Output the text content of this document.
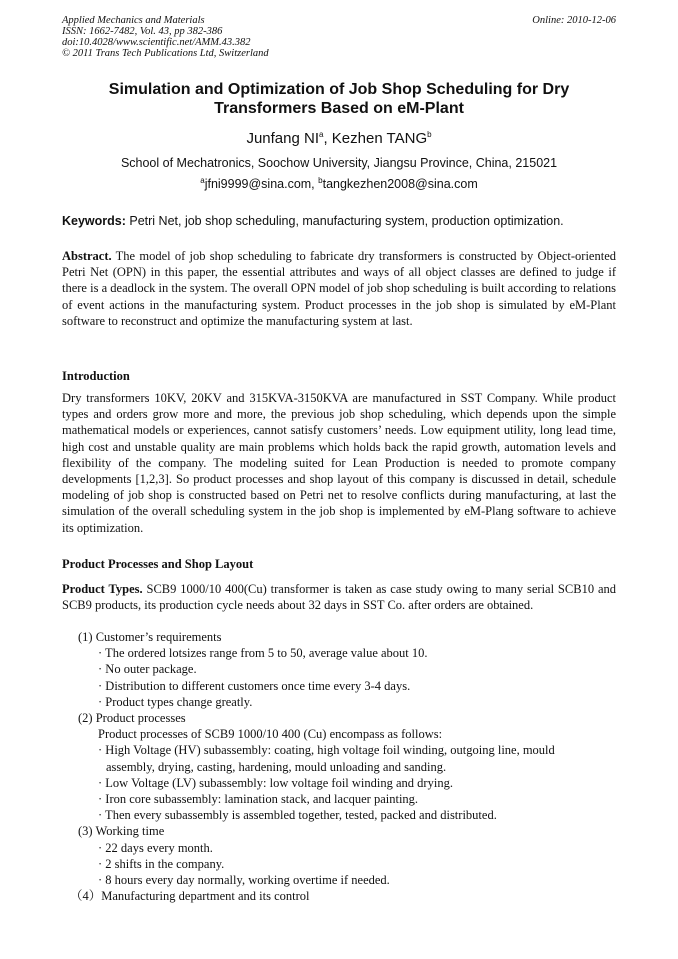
Applied Mechanics and Materials
ISSN: 1662-7482, Vol. 43, pp 382-386
doi:10.4028/www.scientific.net/AMM.43.382
© 2011 Trans Tech Publications Ltd, Switzerland
Online: 2010-12-06
Simulation and Optimization of Job Shop Scheduling for Dry
Transformers Based on eM-Plant
Junfang $NI^a$, Kezhen TANG$^b$
School of Mechatronics, Soochow University, Jiangsu Province, China, 215021
$^a$jfni9999@sina.com, $^b$tangkezhen2008@sina.com
Keywords: Petri Net, job shop scheduling, manufacturing system, production optimization.
Abstract. The model of job shop scheduling to fabricate dry transformers is constructed by Object-oriented Petri Net (OPN) in this paper, the essential attributes and ways of all object classes are defined to judge if there is a deadlock in the system. The overall OPN model of job shop scheduling is built according to relations of event actions in the manufacturing system. Product processes in the job shop is simulated by eM-Plant software to reconstruct and optimize the manufacturing system at last.
Introduction
Dry transformers 10KV, 20KV and 315KVA-3150KVA are manufactured in SST Company. While product types and orders grow more and more, the previous job shop scheduling, which depends upon the simple mathematical models or experiences, cannot satisfy customers’ needs. Low equipment utility, long lead time, high cost and unstable quality are main problems which holds back the rapid growth, automation levels and flexibility of the company. The modeling suited for Lean Production is needed to promote company developments [1,2,3]. So product processes and shop layout of this company is discussed in detail, schedule modeling of job shop is constructed based on Petri net to resolve conflicts during manufacturing, at last the simulation of the overall scheduling system in the job shop is implemented by eM-Plang software to achieve its optimization.
Product Processes and Shop Layout
Product Types. SCB9 1000/10 400(Cu) transformer is taken as case study owing to many serial SCB10 and SCB9 products, its production cycle needs about 32 days in SST Co. after orders are obtained.
(1) Customer’s requirements
· The ordered lotsizes range from 5 to 50, average value about 10.
· No outer package.
· Distribution to different customers once time every 3-4 days.
· Product types change greatly.
(2) Product processes
Product processes of SCB9 1000/10 400 (Cu) encompass as follows:
· High Voltage (HV) subassembly: coating, high voltage foil winding, outgoing line, mould
assembly, drying, casting, hardening, mould unloading and sanding.
· Low Voltage (LV) subassembly: low voltage foil winding and drying.
· Iron core subassembly: lamination stack, and lacquer painting.
· Then every subassembly is assembled together, tested, packed and distributed.
(3) Working time
· 22 days every month.
· 2 shifts in the company.
· 8 hours every day normally, working overtime if needed.
（4）Manufacturing department and its control
